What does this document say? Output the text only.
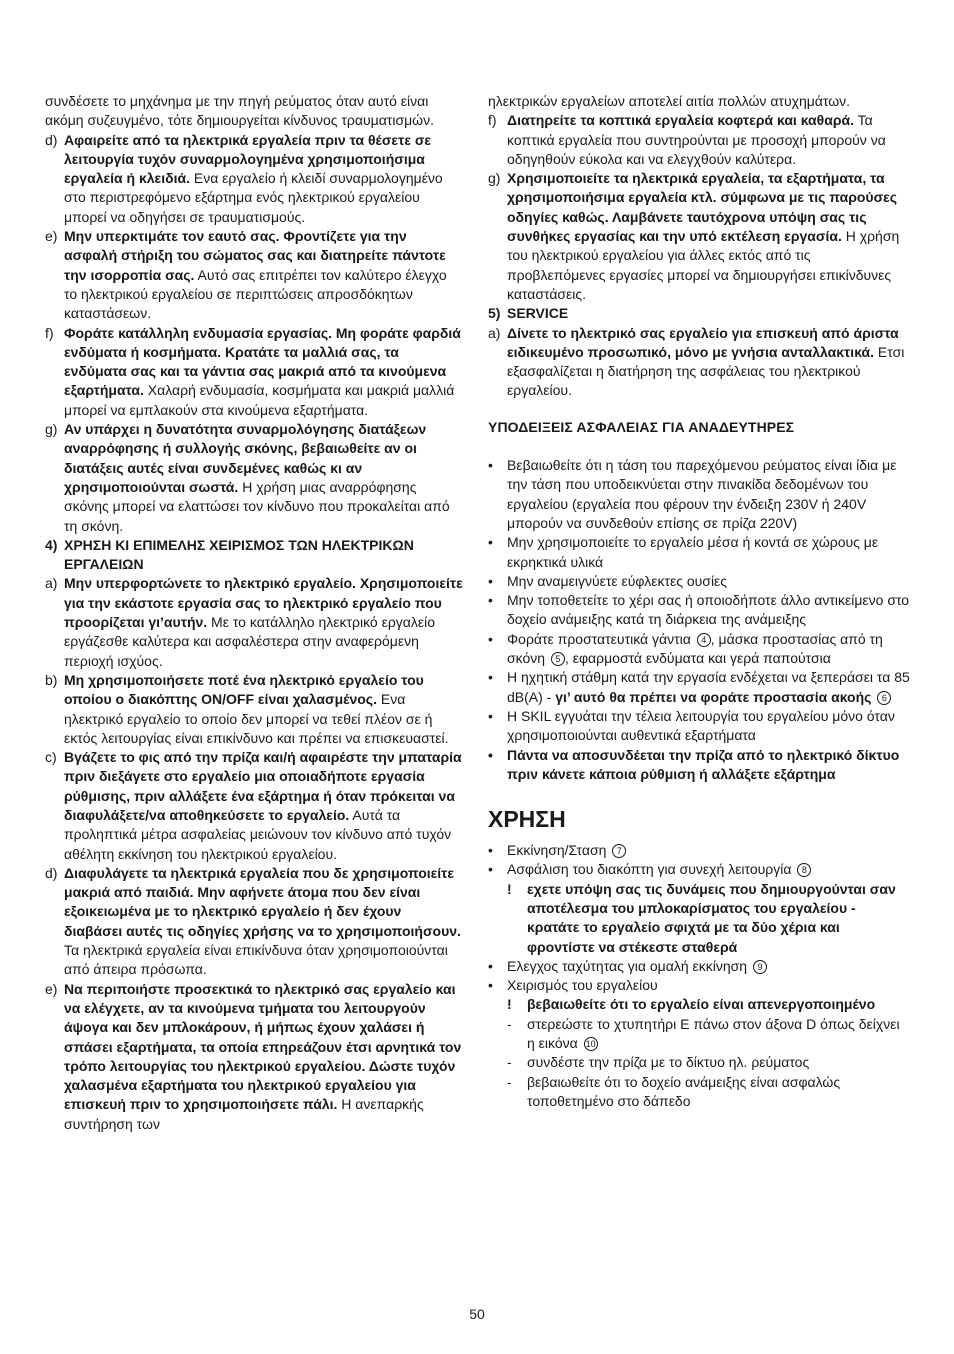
συνδέσετε το μηχάνημα με την πηγή ρεύματος όταν αυτό είναι ακόμη συζευγμένο, τότε δημιουργείται κίνδυνος τραυματισμών.

d) Αφαιρείτε από τα ηλεκτρικά εργαλεία πριν τα θέσετε σε λειτουργία τυχόν συναρμολογημένα χρησιμοποιήσιμα εργαλεία ή κλειδιά. Ενα εργαλείο ή κλειδί συναρμολογημένο στο περιστρεφόμενο εξάρτημα ενός ηλεκτρικού εργαλείου μπορεί να οδηγήσει σε τραυματισμούς.
e) Μην υπερκτιμάτε τον εαυτό σας. Φροντίζετε για την ασφαλή στήριξη του σώματος σας και διατηρείτε πάντοτε την ισορροπία σας. Αυτό σας επιτρέπει τον καλύτερο έλεγχο το ηλεκτρικού εργαλείου σε περιπτώσεις απροσδόκητων καταστάσεων.
f) Φοράτε κατάλληλη ενδυμασία εργασίας. Μη φοράτε φαρδιά ενδύματα ή κοσμήματα. Κρατάτε τα μαλλιά σας, τα ενδύματα σας και τα γάντια σας μακριά από τα κινούμενα εξαρτήματα. Χαλαρή ενδυμασία, κοσμήματα και μακριά μαλλιά μπορεί να εμπλακούν στα κινούμενα εξαρτήματα.
g) Αν υπάρχει η δυνατότητα συναρμολόγησης διατάξεων αναρρόφησης ή συλλογής σκόνης, βεβαιωθείτε αν οι διατάξεις αυτές είναι συνδεμένες καθώς κι αν χρησιμοποιούνται σωστά. Η χρήση μιας αναρρόφησης σκόνης μπορεί να ελαττώσει τον κίνδυνο που προκαλείται από τη σκόνη.
4) ΧΡΗΣΗ ΚΙ ΕΠΙΜΕΛΗΣ ΧΕΙΡΙΣΜΟΣ ΤΩΝ ΗΛΕΚΤΡΙΚΩΝ ΕΡΓΑΛΕΙΩΝ
a) Μην υπερφορτώνετε το ηλεκτρικό εργαλείο. Χρησιμοποιείτε για την εκάστοτε εργασία σας το ηλεκτρικό εργαλείο που προορίζεται γι’αυτήν. Με το κατάλληλο ηλεκτρικό εργαλείο εργάζεσθε καλύτερα και ασφαλέστερα στην αναφερόμενη περιοχή ισχύος.
b) Μη χρησιμοποιήσετε ποτέ ένα ηλεκτρικό εργαλείο του οποίου ο διακόπτης ON/OFF είναι χαλασμένος. Ενα ηλεκτρικό εργαλείο το οποίο δεν μπορεί να τεθεί πλέον σε ή εκτός λειτουργίας είναι επικίνδυνο και πρέπει να επισκευαστεί.
c) Βγάζετε το φις από την πρίζα και/ή αφαιρέστε την μπαταρία πριν διεξάγετε στο εργαλείο μια οποιαδήποτε εργασία ρύθμισης, πριν αλλάξετε ένα εξάρτημα ή όταν πρόκειται να διαφυλάξετε/να αποθηκεύσετε το εργαλείο. Αυτά τα προληπτικά μέτρα ασφαλείας μειώνουν τον κίνδυνο από τυχόν αθέλητη εκκίνηση του ηλεκτρικού εργαλείου.
d) Διαφυλάγετε τα ηλεκτρικά εργαλεία που δε χρησιμοποιείτε μακριά από παιδιά. Μην αφήνετε άτομα που δεν είναι εξοικειωμένα με το ηλεκτρικό εργαλείο ή δεν έχουν διαβάσει αυτές τις οδηγίες χρήσης να το χρησιμοποιήσουν. Τα ηλεκτρικά εργαλεία είναι επικίνδυνα όταν χρησιμοποιούνται από άπειρα πρόσωπα.
e) Να περιποιήστε προσεκτικά το ηλεκτρικό σας εργαλείο και να ελέγχετε, αν τα κινούμενα τμήματα του λειτουργούν άψογα και δεν μπλοκάρουν, ή μήπως έχουν χαλάσει ή σπάσει εξαρτήματα, τα οποία επηρεάζουν έτσι αρνητικά τον τρόπο λειτουργίας του ηλεκτρικού εργαλείου. Δώστε τυχόν χαλασμένα εξαρτήματα του ηλεκτρικού εργαλείου για επισκευή πριν το χρησιμοποιήσετε πάλι. Η ανεπαρκής συντήρηση των

ηλεκτρικών εργαλείων αποτελεί αιτία πολλών ατυχημάτων.

f) Διατηρείτε τα κοπτικά εργαλεία κοφτερά και καθαρά. Τα κοπτικά εργαλεία που συντηρούνται με προσοχή μπορούν να οδηγηθούν εύκολα και να ελεγχθούν καλύτερα.
g) Χρησιμοποιείτε τα ηλεκτρικά εργαλεία, τα εξαρτήματα, τα χρησιμοποιήσιμα εργαλεία κτλ. σύμφωνα με τις παρούσες οδηγίες καθώς. Λαμβάνετε ταυτόχρονα υπόψη σας τις συνθήκες εργασίας και την υπό εκτέλεση εργασία. Η χρήση του ηλεκτρικού εργαλείου για άλλες εκτός από τις προβλεπόμενες εργασίες μπορεί να δημιουργήσει επικίνδυνες καταστάσεις.
5) SERVICE
a) Δίνετε το ηλεκτρικό σας εργαλείο για επισκευή από άριστα ειδικευμένο προσωπικό, μόνο με γνήσια ανταλλακτικά. Ετσι εξασφαλίζεται η διατήρηση της ασφάλειας του ηλεκτρικού εργαλείου.
ΥΠΟΔΕΙΞΕΙΣ ΑΣΦΑΛΕΙΑΣ ΓΙΑ ΑΝΑΔΕΥΤΗΡΕΣ
•	Βεβαιωθείτε ότι η τάση του παρεχόμενου ρεύματος είναι ίδια με την τάση που υποδεικνύεται στην πινακίδα δεδομένων του εργαλείου (εργαλεία που φέρουν την ένδειξη 230V ή 240V μπορούν να συνδεθούν επίσης σε πρίζα 220V)
•	Μην χρησιμοποιείτε το εργαλείο μέσα ή κοντά σε χώρους με εκρηκτικά υλικά
•	Μην αναμειγνύετε εύφλεκτες ουσίες
•	Μην τοποθετείτε το χέρι σας ή οποιοδήποτε άλλο αντικείμενο στο δοχείο ανάμειξης κατά τη διάρκεια της ανάμειξης
•	Φοράτε προστατευτικά γάντια 4 , μάσκα προστασίας από τη σκόνη 5 , εφαρμοστά ενδύματα και γερά παπούτσια
•	Η ηχητική στάθμη κατά την εργασία ενδέχεται να ξεπεράσει τα 85 dB(A) - γι’ αυτό θα πρέπει να φοράτε προστασία ακοής 6
•	Η SKIL εγγυάται την τέλεια λειτουργία του εργαλείου μόνο όταν χρησιμοποιούνται αυθεντικά εξαρτήματα
•	Πάντα να αποσυνδέεται την πρίζα από το ηλεκτρικό δίκτυο πριν κάνετε κάποια ρύθμιση ή αλλάξετε εξάρτημα
ΧΡΗΣΗ
•	Εκκίνηση/Σταση 7
•	Ασφάλιση του διακόπτη για συνεχή λειτουργία 8
!	εχετε υπόψη σας τις δυνάμεις που δημιουργούνται σαν αποτέλεσμα του μπλοκαρίσματος του εργαλείου - κρατάτε το εργαλείο σφιχτά με τα δύο χέρια και φροντίστε να στέκεστε σταθερά
•	Ελεγχος ταχύτητας για ομαλή εκκίνηση 9
•	Χειρισμός του εργαλείου
!	βεβαιωθείτε ότι το εργαλείο είναι απενεργοποιημένο
-	στερεώστε το χτυπητήρι E πάνω στον άξονα D όπως δείχνει η εικόνα 10
-	συνδέστε την πρίζα με το δίκτυο ηλ. ρεύματος
-	βεβαιωθείτε ότι το δοχείο ανάμειξης είναι ασφαλώς τοποθετημένο στο δάπεδο
50
